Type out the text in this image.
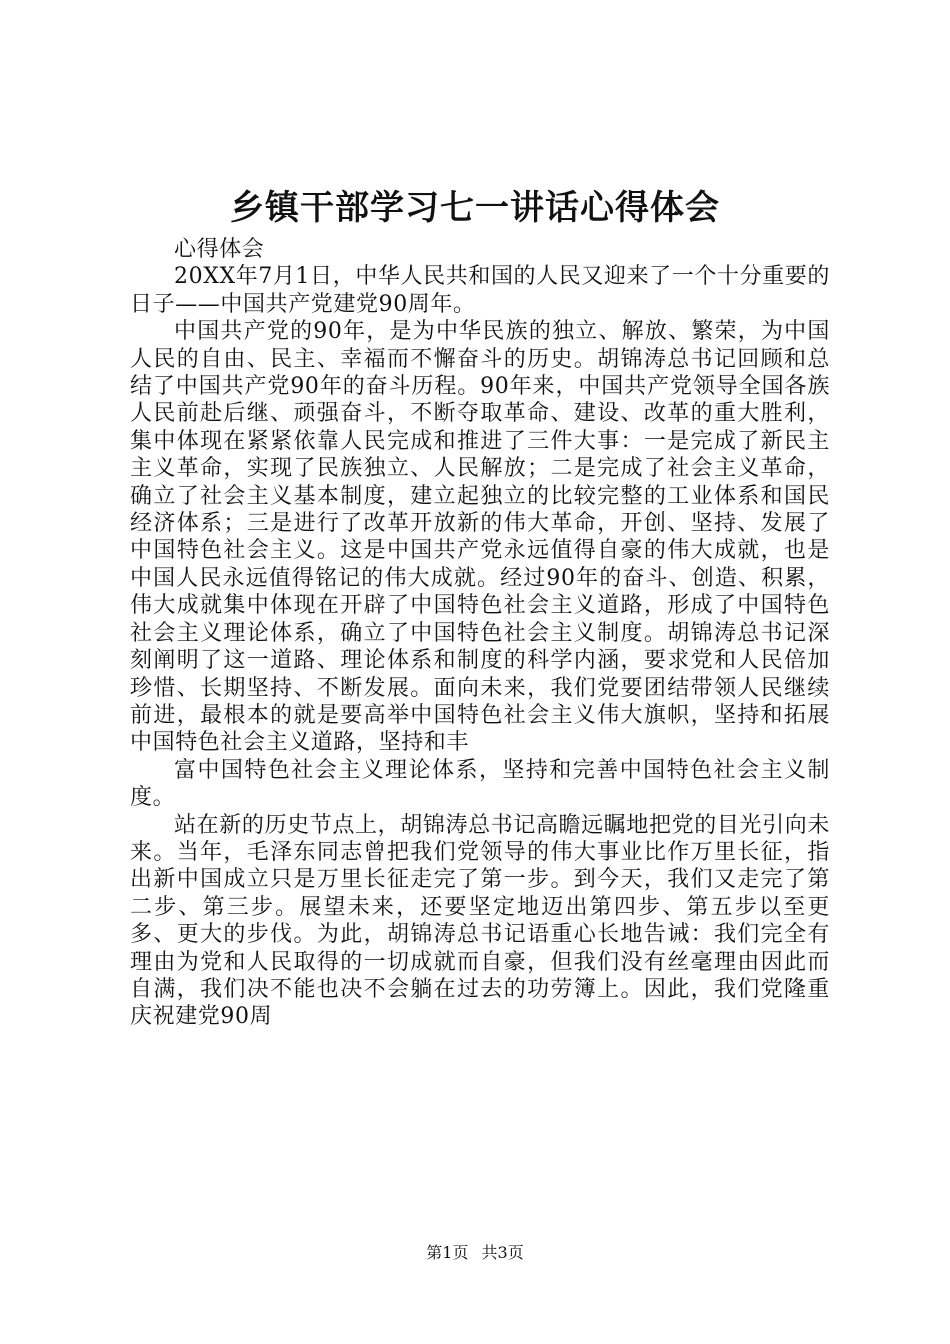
乡镇干部学习七一讲话心得体会

心得体会

20XX年7月1日，中华人民共和国的人民又迎来了一个十分重要的日子——中国共产党建党90周年。

中国共产党的90年，是为中华民族的独立、解放、繁荣，为中国人民的自由、民主、幸福而不懈奋斗的历史。胡锦涛总书记回顾和总结了中国共产党90年的奋斗历程。90年来，中国共产党领导全国各族人民前赴后继、顽强奋斗，不断夺取革命、建设、改革的重大胜利，集中体现在紧紧依靠人民完成和推进了三件大事：一是完成了新民主主义革命，实现了民族独立、人民解放；二是完成了社会主义革命，确立了社会主义基本制度，建立起独立的比较完整的工业体系和国民经济体系；三是进行了改革开放新的伟大革命，开创、坚持、发展了中国特色社会主义。这是中国共产党永远值得自豪的伟大成就，也是中国人民永远值得铭记的伟大成就。经过90年的奋斗、创造、积累，伟大成就集中体现在开辟了中国特色社会主义道路，形成了中国特色社会主义理论体系，确立了中国特色社会主义制度。胡锦涛总书记深刻阐明了这一道路、理论体系和制度的科学内涵，要求党和人民倍加珍惜、长期坚持、不断发展。面向未来，我们党要团结带领人民继续前进，最根本的就是要高举中国特色社会主义伟大旗帜，坚持和拓展中国特色社会主义道路，坚持和丰

富中国特色社会主义理论体系，坚持和完善中国特色社会主义制度。

站在新的历史节点上，胡锦涛总书记高瞻远瞩地把党的目光引向未来。当年，毛泽东同志曾把我们党领导的伟大事业比作万里长征，指出新中国成立只是万里长征走完了第一步。到今天，我们又走完了第二步、第三步。展望未来，还要坚定地迈出第四步、第五步以至更多、更大的步伐。为此，胡锦涛总书记语重心长地告诫：我们完全有理由为党和人民取得的一切成就而自豪，但我们没有丝毫理由因此而自满，我们决不能也决不会躺在过去的功劳簿上。因此，我们党隆重庆祝建党90周

第1页 共3页
